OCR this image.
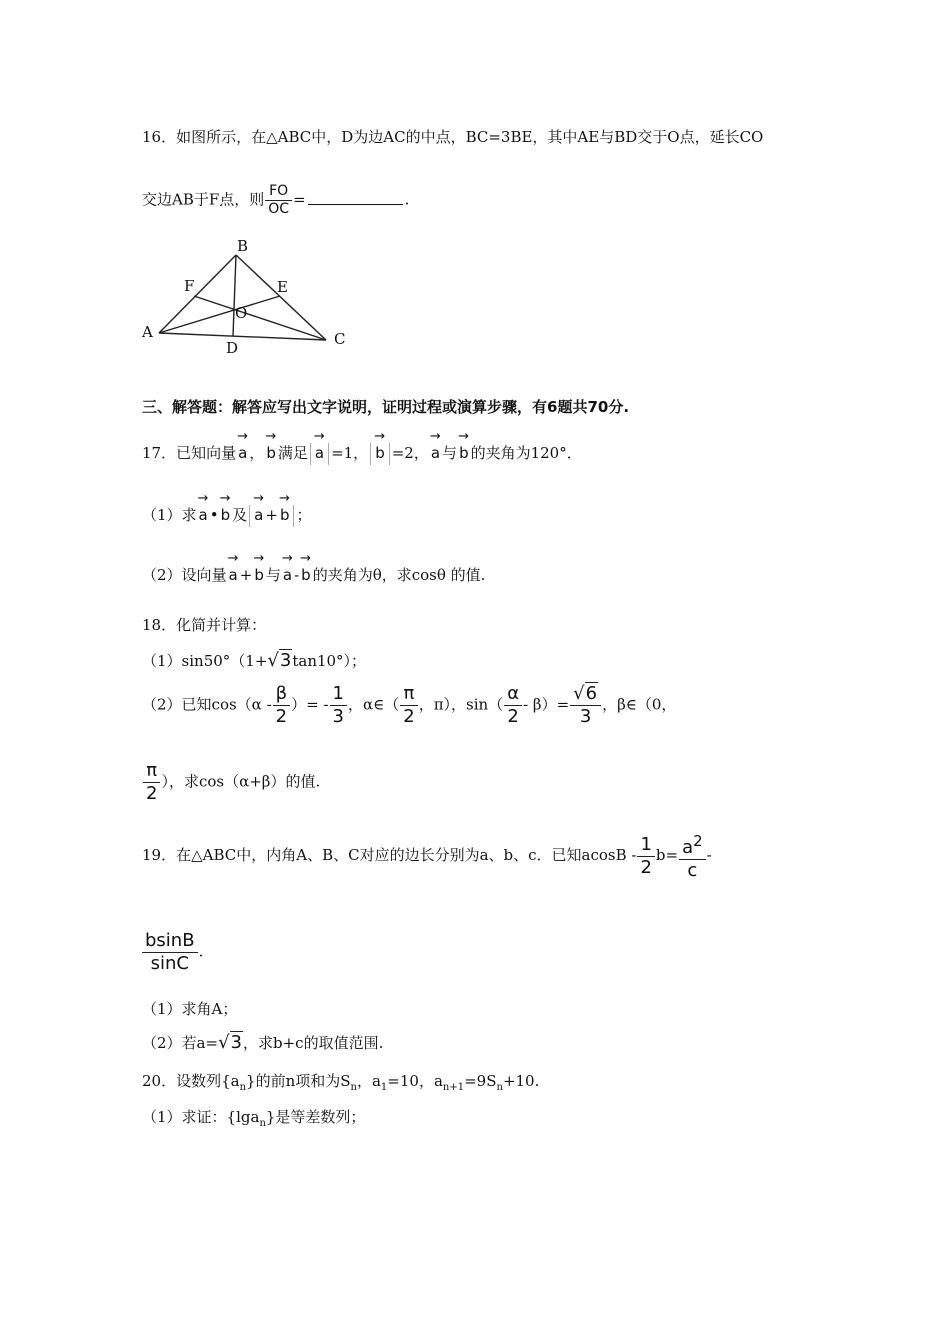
16．如图所示，在△ABC中，D为边AC的中点，BC=3BE，其中AE与BD交于O点，延长CO
交边AB于F点，则 $\frac{FO}{OC}$ =	.
B
F	E
O
A
D	C
三、解答题：解答应写出文字说明，证明过程或演算步骤，有6题共70分.
17．已知向量 → a ， → b 满足 → a =1， → b =2， → a 与 → b 的夹角为120°．
（1）求 → a • → b 及 → a + → b ；
（2）设向量 → a + → b 与 → a - → b 的夹角为θ，求cosθ 的值.
18．化简并计算：
（1）sin50°（1+√3tan10°）；
（2）已知$\cos(\alpha - \frac{\beta}{2}$ ）= - $\frac{1}{3}$ ，α∈（ $\frac{\pi}{2}$ ，π），$\sin( \frac{\alpha}{2} - \beta)= \frac{√6}{3}$ ，β∈（0，
$\frac{\pi}{2}$ ），求cos（α+β）的值.
19．在△ABC中，内角A、B、C对应的边长分别为a、b、c．已知$acosB - \frac{1}{2} b= \frac{a^2}{c}$ -
$\frac{bsinB}{\sin C}$ .
（1）求角A；
（2）若a=√3，求b+c的取值范围.
20．设数列$\{a_n\}$的前n项和为$S_n$，$a_1=10$，$a_{n+1}=9S_n+10$.
（1）求证：{lga$_n$}是等差数列；
